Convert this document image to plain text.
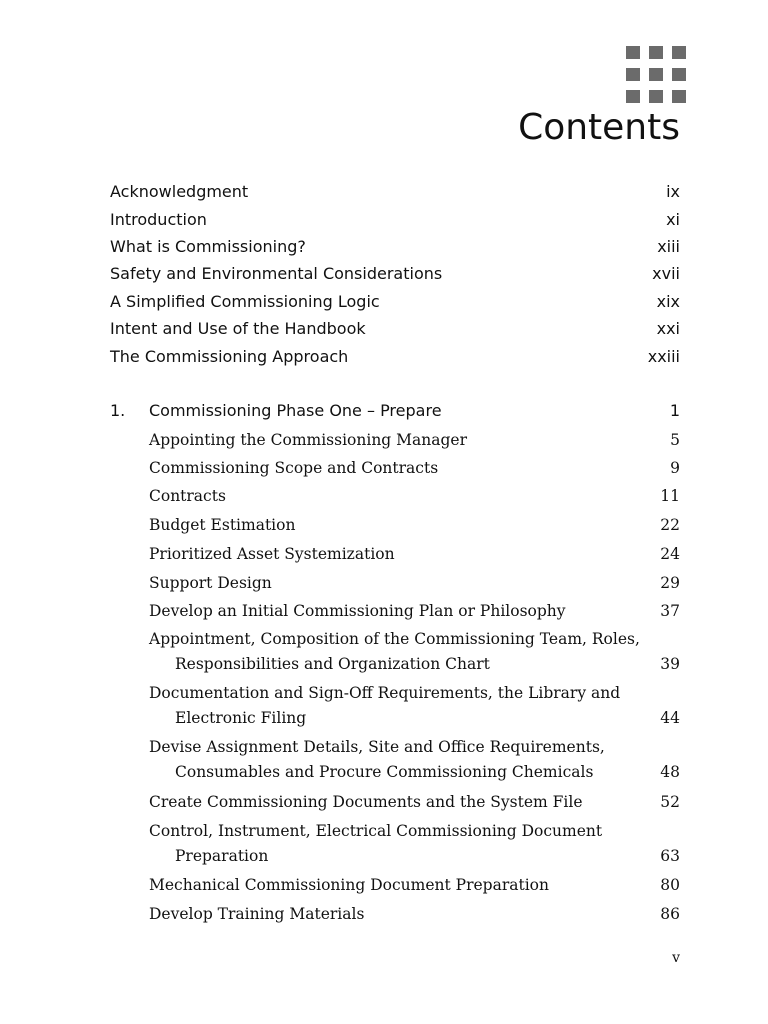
Contents
Acknowledgment	ix
Introduction	xi
What is Commissioning?	xiii
Safety and Environmental Considerations	xvii
A Simplified Commissioning Logic	xix
Intent and Use of the Handbook	xxi
The Commissioning Approach	xxiii
1. Commissioning Phase One – Prepare	1
Appointing the Commissioning Manager	5
Commissioning Scope and Contracts	9
Contracts	11
Budget Estimation	22
Prioritized Asset Systemization	24
Support Design	29
Develop an Initial Commissioning Plan or Philosophy	37
Appointment, Composition of the Commissioning Team, Roles,
Responsibilities and Organization Chart	39
Documentation and Sign-Off Requirements, the Library and
Electronic Filing	44
Devise Assignment Details, Site and Office Requirements,
Consumables and Procure Commissioning Chemicals	48
Create Commissioning Documents and the System File	52
Control, Instrument, Electrical Commissioning Document
Preparation	63
Mechanical Commissioning Document Preparation	80
Develop Training Materials	86
v
